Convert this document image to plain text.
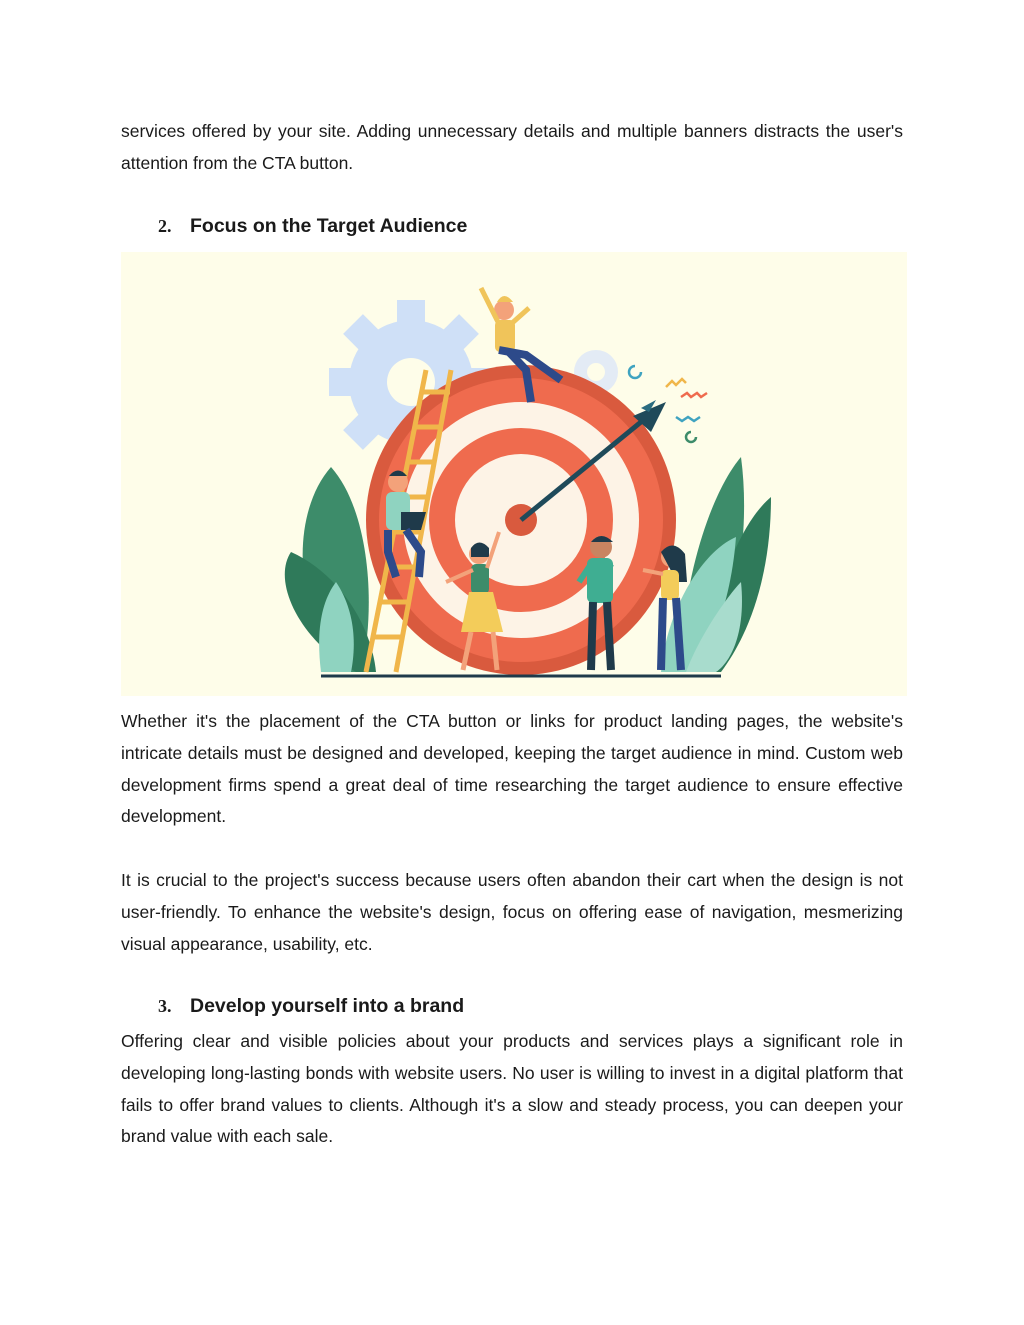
services offered by your site. Adding unnecessary details and multiple banners distracts the user's attention from the CTA button.

2. Focus on the Target Audience

Whether it's the placement of the CTA button or links for product landing pages, the website's intricate details must be designed and developed, keeping the target audience in mind. Custom web development firms spend a great deal of time researching the target audience to ensure effective development.

It is crucial to the project's success because users often abandon their cart when the design is not user-friendly. To enhance the website's design, focus on offering ease of navigation, mesmerizing visual appearance, usability, etc.

3. Develop yourself into a brand

Offering clear and visible policies about your products and services plays a significant role in developing long-lasting bonds with website users. No user is willing to invest in a digital platform that fails to offer brand values to clients. Although it's a slow and steady process, you can deepen your brand value with each sale.
